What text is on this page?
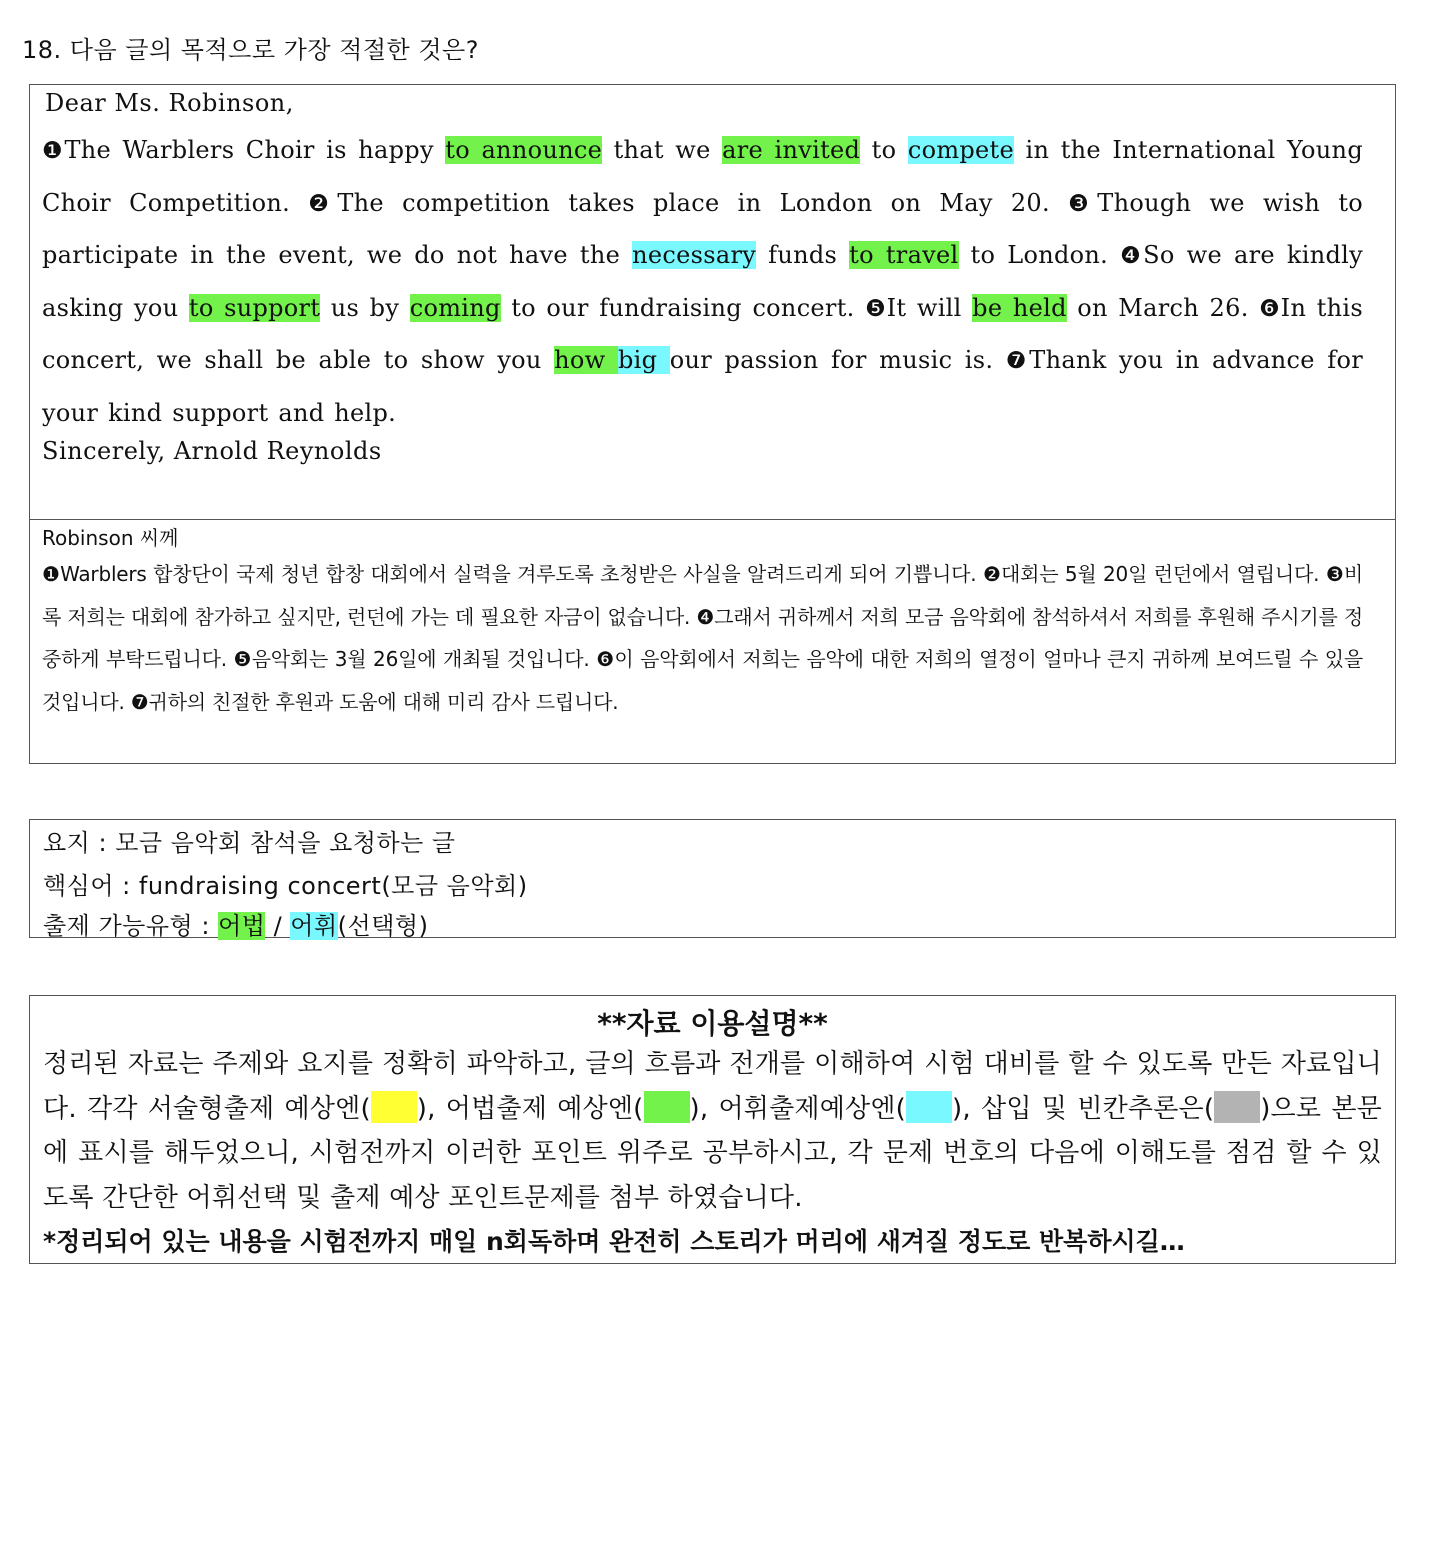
18. 다음 글의 목적으로 가장 적절한 것은?
Dear Ms. Robinson,
❶The Warblers Choir is happy to announce that we are invited to compete in the International Young Choir Competition. ❷The competition takes place in London on May 20. ❸Though we wish to participate in the event, we do not have the necessary funds to travel to London. ❹So we are kindly asking you to support us by coming to our fundraising concert. ❺It will be held on March 26. ❻In this concert, we shall be able to show you how big our passion for music is. ❼Thank you in advance for your kind support and help.
Sincerely, Arnold Reynolds
Robinson 씨께
❶Warblers 합창단이 국제 청년 합창 대회에서 실력을 겨루도록 초청받은 사실을 알려드리게 되어 기쁩니다. ❷대회는 5월 20일 런던에서 열립니다. ❸비록 저희는 대회에 참가하고 싶지만, 런던에 가는 데 필요한 자금이 없습니다. ❹그래서 귀하께서 저희 모금 음악회에 참석하셔서 저희를 후원해 주시기를 정중하게 부탁드립니다. ❺음악회는 3월 26일에 개최될 것입니다. ❻이 음악회에서 저희는 음악에 대한 저희의 열정이 얼마나 큰지 귀하께 보여드릴 수 있을 것입니다. ❼귀하의 친절한 후원과 도움에 대해 미리 감사 드립니다.
요지 : 모금 음악회 참석을 요청하는 글
핵심어 : fundraising concert(모금 음악회)
출제 가능유형 : 어법 / 어휘(선택형)
**자료 이용설명**
정리된 자료는 주제와 요지를 정확히 파악하고, 글의 흐름과 전개를 이해하여 시험 대비를 할 수 있도록 만든 자료입니다. 각각 서술형출제 예상엔( ), 어법출제 예상엔( ), 어휘출제예상엔( ), 삽입 및 빈칸추론은( )으로 본문에 표시를 해두었으니, 시험전까지 이러한 포인트 위주로 공부하시고, 각 문제 번호의 다음에 이해도를 점검 할 수 있도록 간단한 어휘선택 및 출제 예상 포인트문제를 첨부 하였습니다.
*정리되어 있는 내용을 시험전까지 매일 n회독하며 완전히 스토리가 머리에 새겨질 정도로 반복하시길…
